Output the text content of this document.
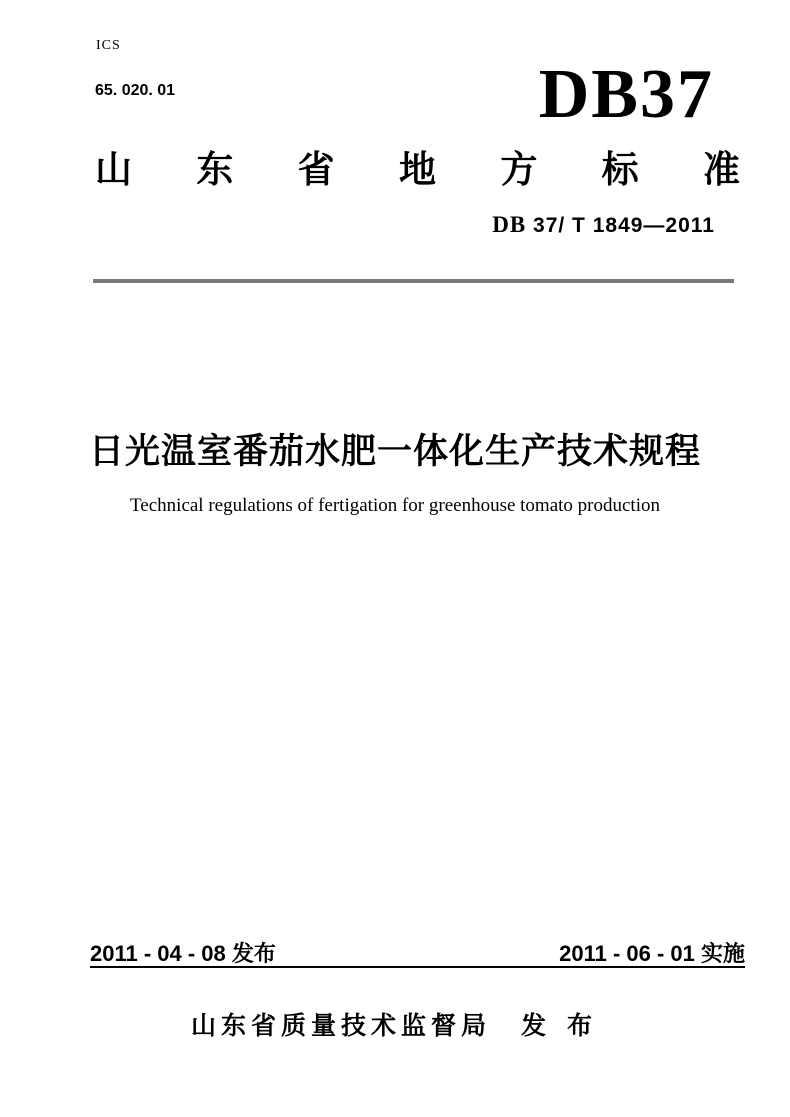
ICS
65. 020. 01	DB37
山 东 省 地 方 标 准
DB 37/ T 1849—2011
日光温室番茄水肥一体化生产技术规程
Technical regulations of fertigation for greenhouse tomato production
2011 - 04 - 08 发布	2011 - 06 - 01 实施
山东省质量技术监督局 发 布
